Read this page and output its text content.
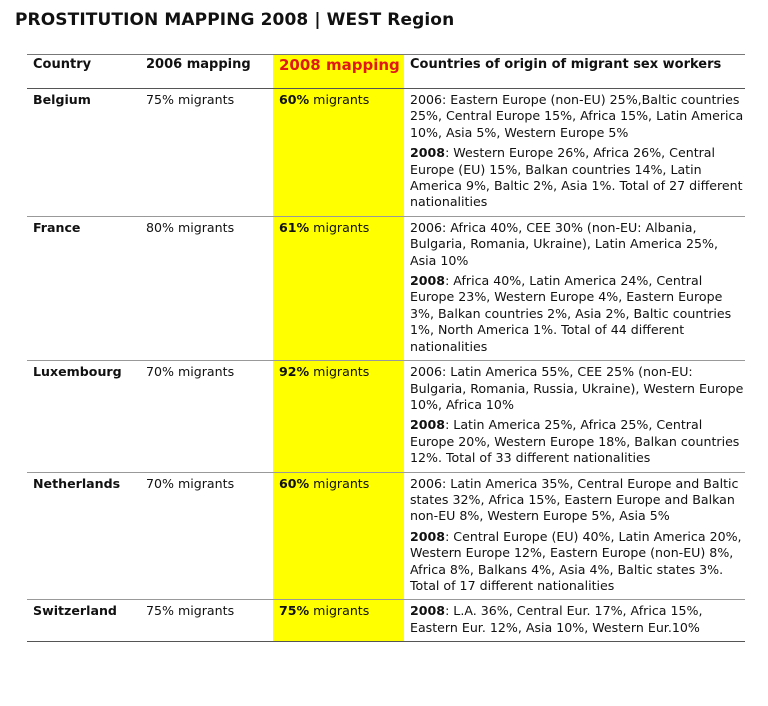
PROSTITUTION MAPPING 2008 | WEST Region
Country	2006 mapping	2008 mapping	Countries of origin of migrant sex workers
Belgium	75% migrants	60% migrants	2006: Eastern Europe (non-EU) 25%,Baltic countries 25%, Central Europe 15%, Africa 15%, Latin America 10%, Asia 5%, Western Europe 5%

2008: Western Europe 26%, Africa 26%, Central Europe (EU) 15%, Balkan countries 14%, Latin America 9%, Baltic 2%, Asia 1%. Total of 27 different nationalities

France	80% migrants	61% migrants	2006: Africa 40%, CEE 30% (non-EU: Albania, Bulgaria, Romania, Ukraine), Latin America 25%, Asia 10%

2008: Africa 40%, Latin America 24%, Central Europe 23%, Western Europe 4%, Eastern Europe 3%, Balkan countries 2%, Asia 2%, Baltic countries 1%, North America 1%. Total of 44 different nationalities

Luxembourg	70% migrants	92% migrants	2006: Latin America 55%, CEE 25% (non-EU: Bulgaria, Romania, Russia, Ukraine), Western Europe 10%, Africa 10%

2008: Latin America 25%, Africa 25%, Central Europe 20%, Western Europe 18%, Balkan countries 12%. Total of 33 different nationalities

Netherlands	70% migrants	60% migrants	2006: Latin America 35%, Central Europe and Baltic states 32%, Africa 15%, Eastern Europe and Balkan non-EU 8%, Western Europe 5%, Asia 5%

2008: Central Europe (EU) 40%, Latin America 20%, Western Europe 12%, Eastern Europe (non-EU) 8%, Africa 8%, Balkans 4%, Asia 4%, Baltic states 3%. Total of 17 different nationalities

Switzerland	75% migrants	75% migrants	2008: L.A. 36%, Central Eur. 17%, Africa 15%, Eastern Eur. 12%, Asia 10%, Western Eur.10%
